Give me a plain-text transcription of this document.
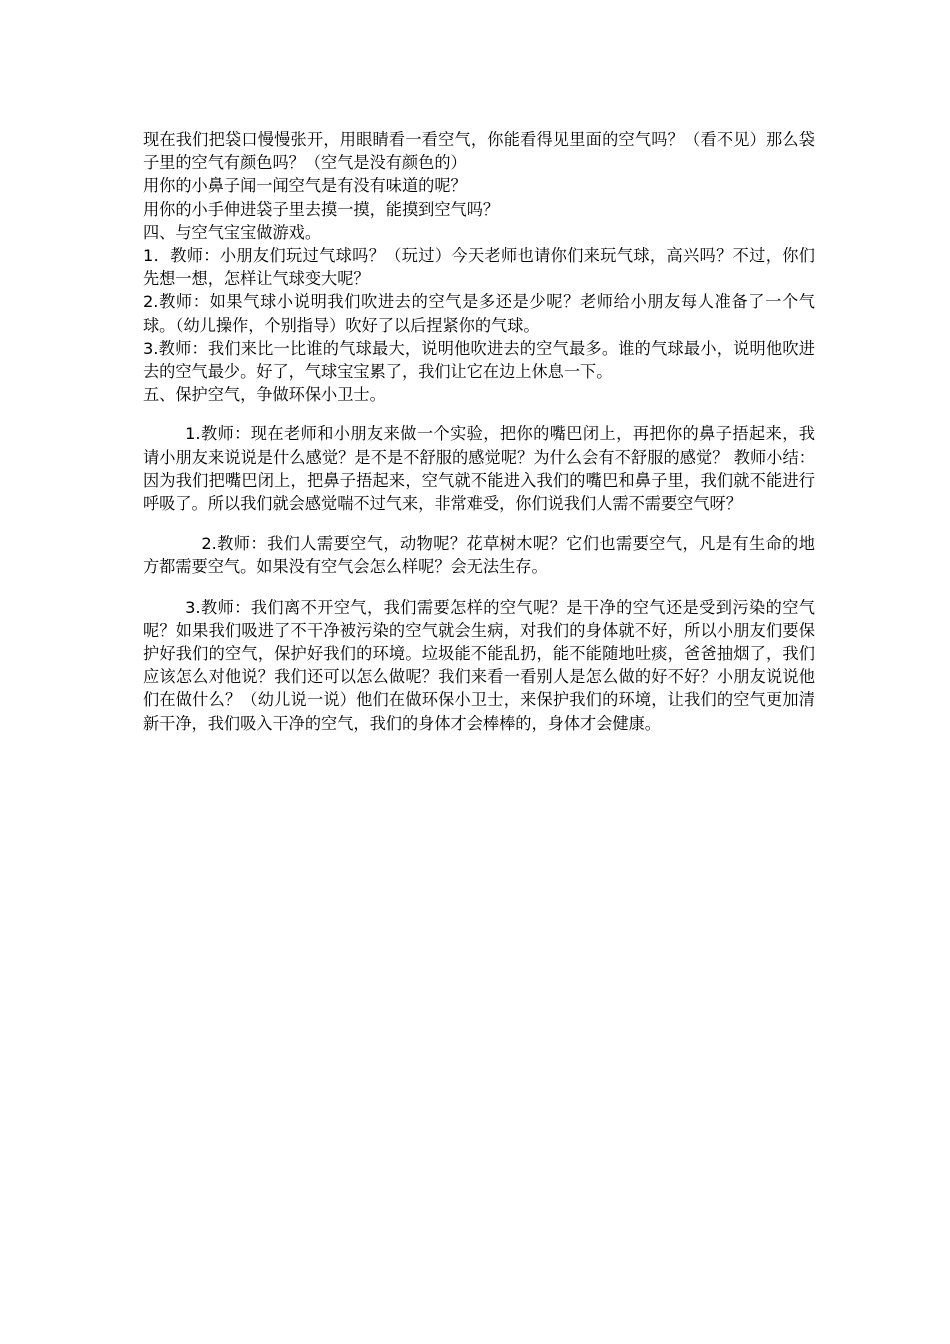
现在我们把袋口慢慢张开，用眼睛看一看空气，你能看得见里面的空气吗？（看不见）那么袋子里的空气有颜色吗？（空气是没有颜色的）

用你的小鼻子闻一闻空气是有没有味道的呢？

用你的小手伸进袋子里去摸一摸，能摸到空气吗？

四、与空气宝宝做游戏。

1．教师：小朋友们玩过气球吗？（玩过）今天老师也请你们来玩气球，高兴吗？不过，你们先想一想，怎样让气球变大呢？

2.教师：如果气球小说明我们吹进去的空气是多还是少呢？老师给小朋友每人准备了一个气球。（幼儿操作，个别指导）吹好了以后捏紧你的气球。

3.教师：我们来比一比谁的气球最大，说明他吹进去的空气最多。谁的气球最小，说明他吹进去的空气最少。好了，气球宝宝累了，我们让它在边上休息一下。

五、保护空气，争做环保小卫士。

1.教师：现在老师和小朋友来做一个实验，把你的嘴巴闭上，再把你的鼻子捂起来，我请小朋友来说说是什么感觉？是不是不舒服的感觉呢？为什么会有不舒服的感觉？ 教师小结：因为我们把嘴巴闭上，把鼻子捂起来，空气就不能进入我们的嘴巴和鼻子里，我们就不能进行呼吸了。所以我们就会感觉喘不过气来，非常难受，你们说我们人需不需要空气呀？

2.教师：我们人需要空气，动物呢？花草树木呢？它们也需要空气，凡是有生命的地方都需要空气。如果没有空气会怎么样呢？会无法生存。

3.教师：我们离不开空气，我们需要怎样的空气呢？是干净的空气还是受到污染的空气呢？如果我们吸进了不干净被污染的空气就会生病，对我们的身体就不好，所以小朋友们要保护好我们的空气，保护好我们的环境。垃圾能不能乱扔，能不能随地吐痰，爸爸抽烟了，我们应该怎么对他说？我们还可以怎么做呢？我们来看一看别人是怎么做的好不好？小朋友说说他们在做什么？（幼儿说一说）他们在做环保小卫士，来保护我们的环境，让我们的空气更加清新干净，我们吸入干净的空气，我们的身体才会棒棒的，身体才会健康。
